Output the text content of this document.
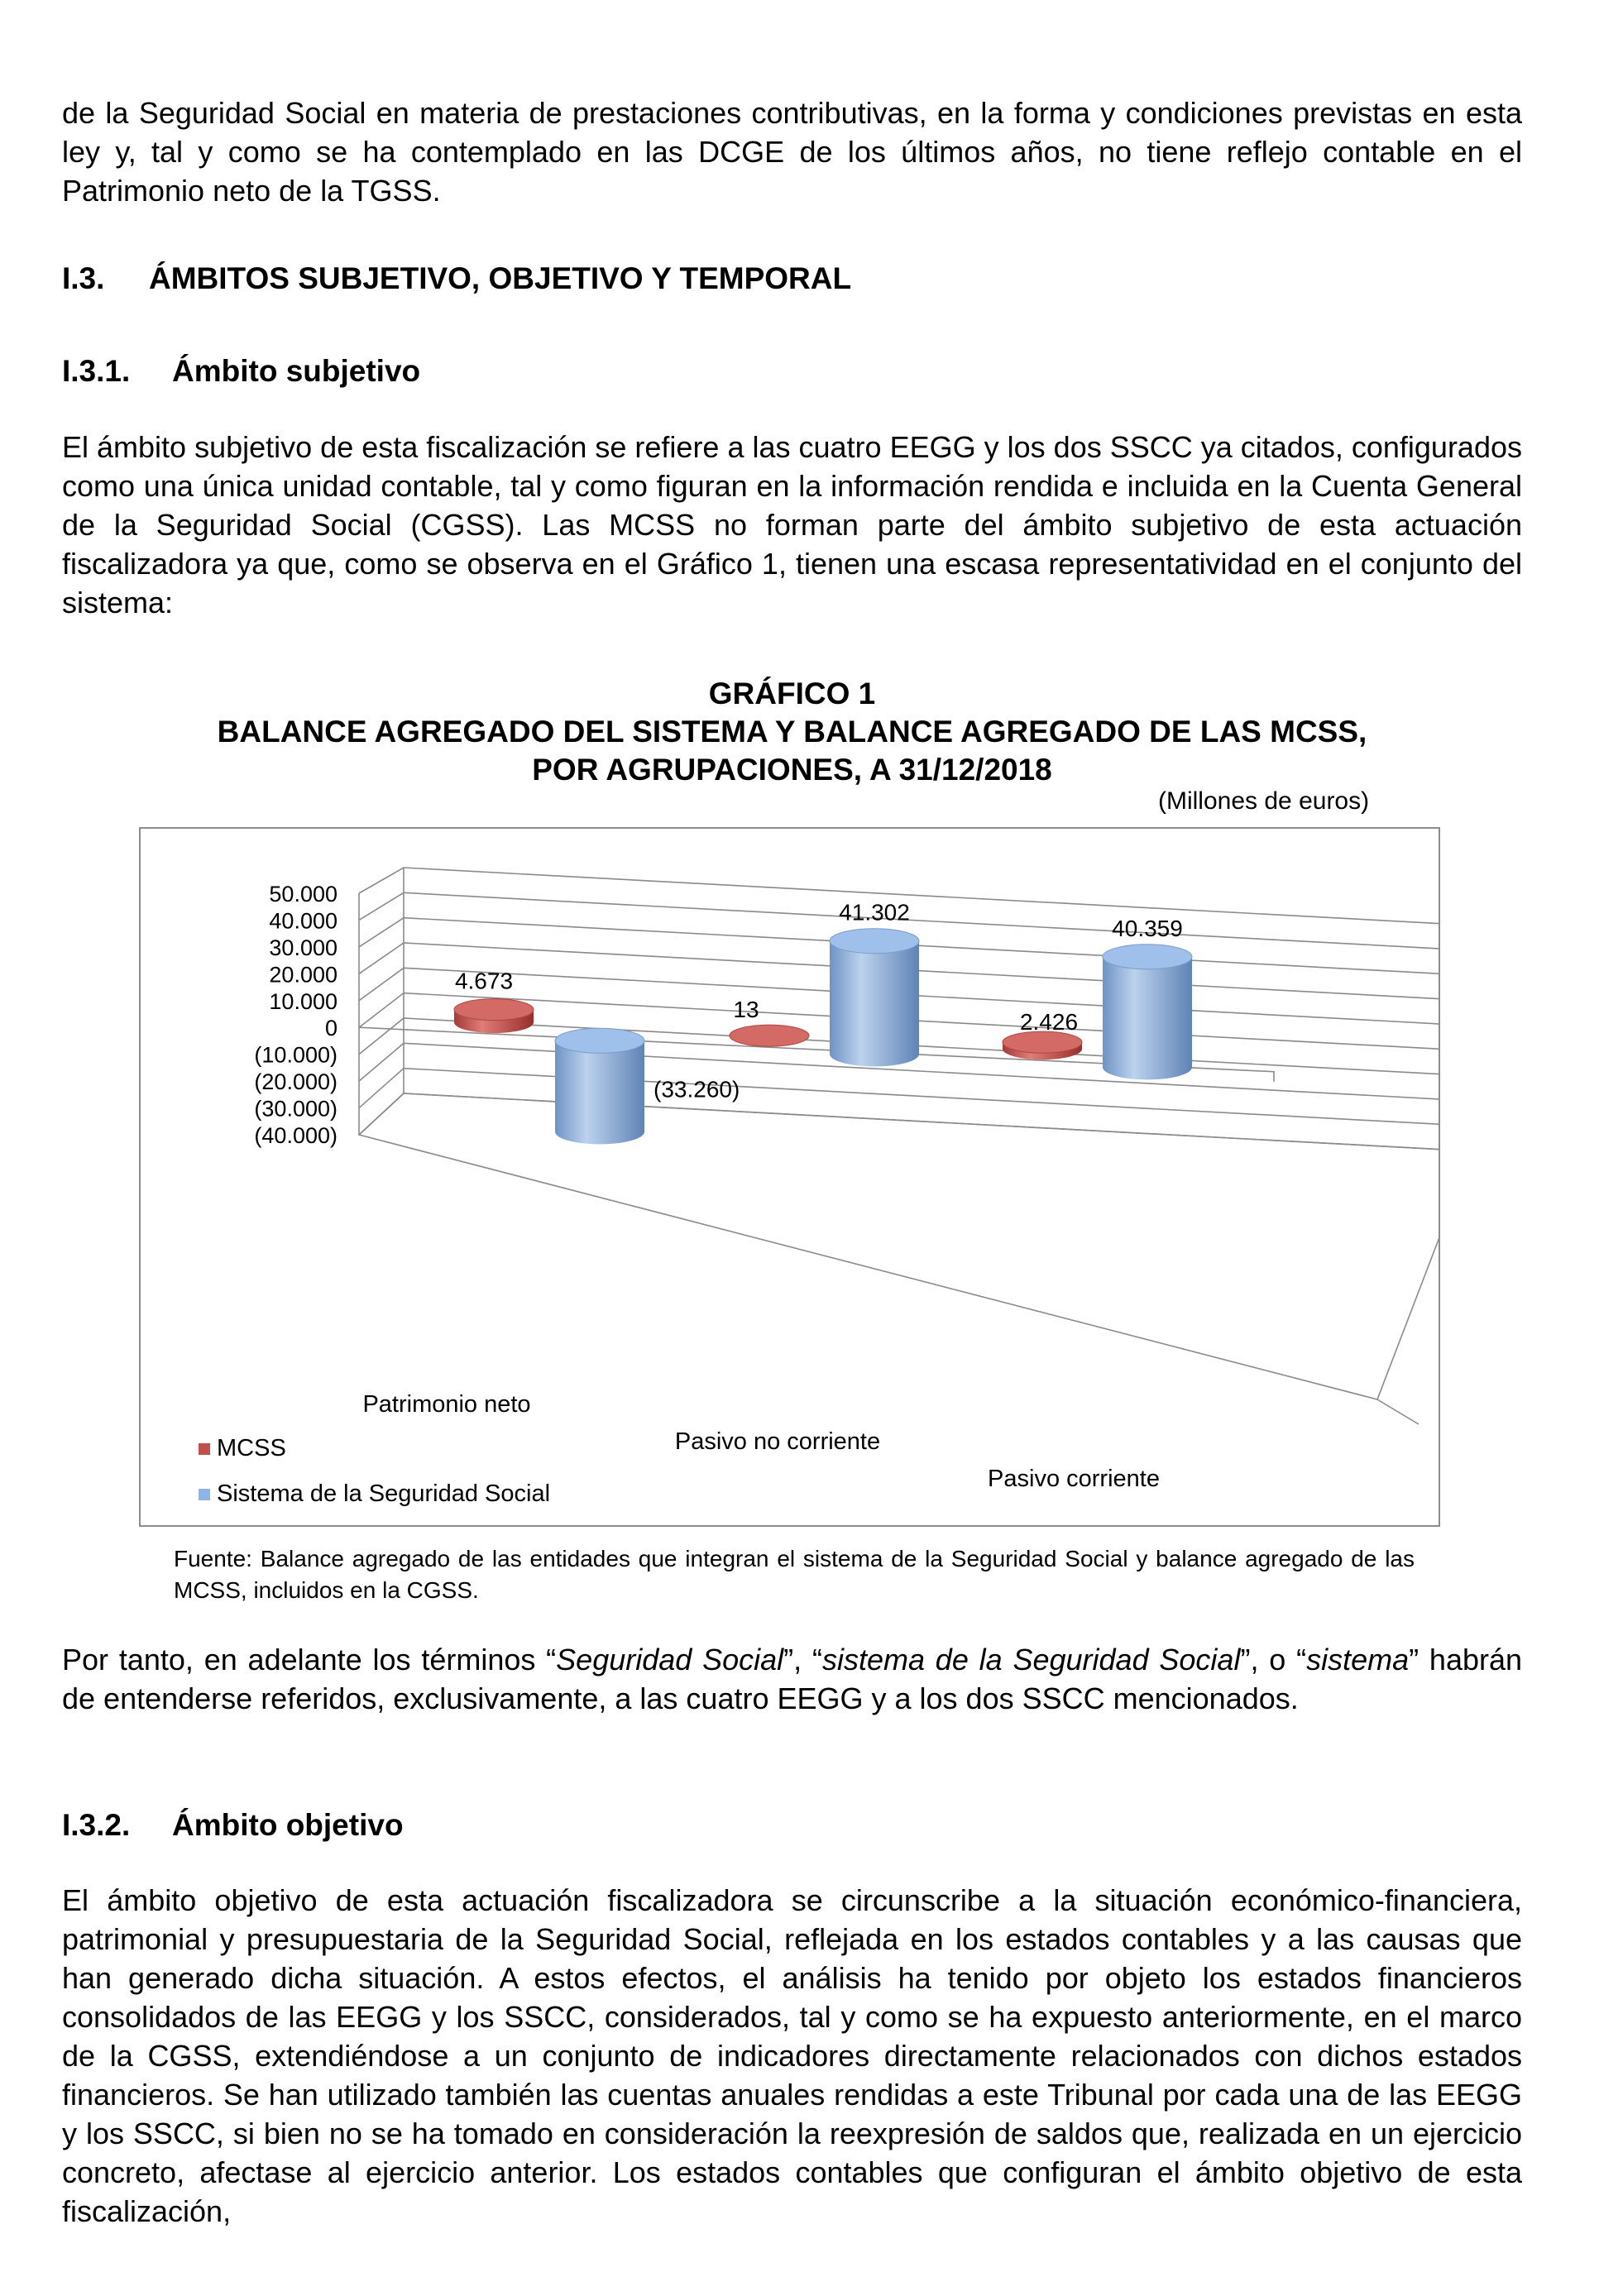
de la Seguridad Social en materia de prestaciones contributivas, en la forma y condiciones previstas en esta ley y, tal y como se ha contemplado en las DCGE de los últimos años, no tiene reflejo contable en el Patrimonio neto de la TGSS.

I.3. ÁMBITOS SUBJETIVO, OBJETIVO Y TEMPORAL
I.3.1. Ámbito subjetivo

El ámbito subjetivo de esta fiscalización se refiere a las cuatro EEGG y los dos SSCC ya citados, configurados como una única unidad contable, tal y como figuran en la información rendida e incluida en la Cuenta General de la Seguridad Social (CGSS). Las MCSS no forman parte del ámbito subjetivo de esta actuación fiscalizadora ya que, como se observa en el Gráfico 1, tienen una escasa representatividad en el conjunto del sistema:

GRÁFICO 1
BALANCE AGREGADO DEL SISTEMA Y BALANCE AGREGADO DE LAS MCSS,
POR AGRUPACIONES, A 31/12/2018
(Millones de euros)
50.000
40.000
30.000
20.000
10.000
0
(10.000)
(20.000)
(30.000)
(40.000)
4.673
(33.260)
13
41.302
2.426
40.359
Patrimonio neto
Pasivo no corriente
Pasivo corriente
MCSS
Sistema de la Seguridad Social

Fuente: Balance agregado de las entidades que integran el sistema de la Seguridad Social y balance agregado de las MCSS, incluidos en la CGSS.

Por tanto, en adelante los términos “Seguridad Social”, “sistema de la Seguridad Social”, o “sistema” habrán de entenderse referidos, exclusivamente, a las cuatro EEGG y a los dos SSCC mencionados.

I.3.2. Ámbito objetivo

El ámbito objetivo de esta actuación fiscalizadora se circunscribe a la situación económico-financiera, patrimonial y presupuestaria de la Seguridad Social, reflejada en los estados contables y a las causas que han generado dicha situación. A estos efectos, el análisis ha tenido por objeto los estados financieros consolidados de las EEGG y los SSCC, considerados, tal y como se ha expuesto anteriormente, en el marco de la CGSS, extendiéndose a un conjunto de indicadores directamente relacionados con dichos estados financieros. Se han utilizado también las cuentas anuales rendidas a este Tribunal por cada una de las EEGG y los SSCC, si bien no se ha tomado en consideración la reexpresión de saldos que, realizada en un ejercicio concreto, afectase al ejercicio anterior. Los estados contables que configuran el ámbito objetivo de esta fiscalización,
